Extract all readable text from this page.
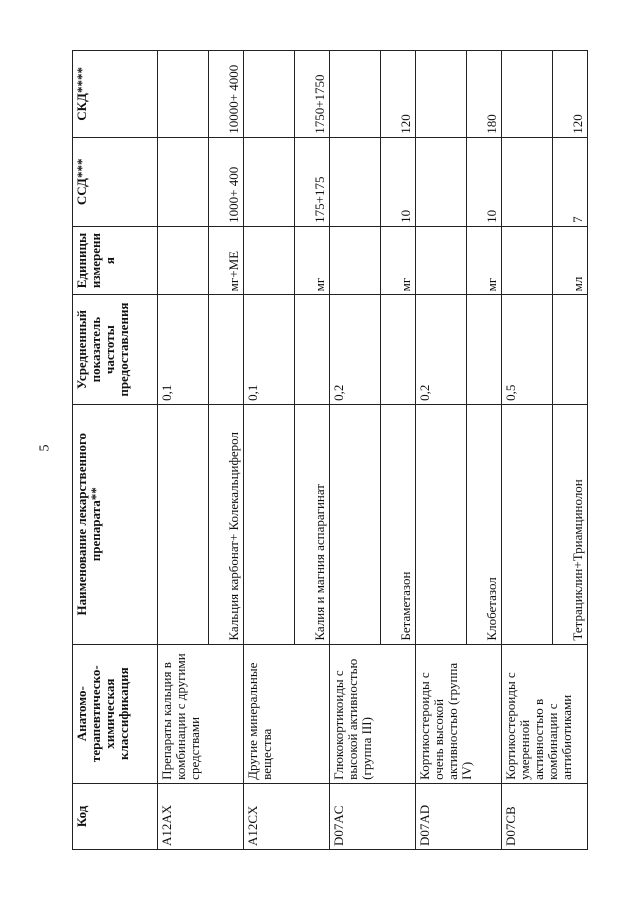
5
Код	Анатомо-терапевтическо-химическая классификация	Наименование лекарственного препарата**	Усредненный показатель частоты предоставления	Единицы измерения	ССД***	СКД****
A12AX	Препараты кальция в комбинации с другими средствами		0,1			
		Кальция карбонат+ Колекальциферол		мг+МЕ	1000+ 400	10000+ 4000
A12CX	Другие минеральные вещества		0,1			
		Калия и магния аспарагинат		мг	175+175	1750+1750
D07AC	Глюкокортикоиды с высокой активностью (группа III)		0,2			
		Бетаметазон		мг	10	120
D07AD	Кортикостероиды с очень высокой активностью (группа IV)		0,2			
		Клобетазол		мг	10	180
D07CB	Кортикостероиды с умеренной активностью в комбинации с антибиотиками		0,5			
		Тетрациклин+Триамцинолон		мл	7	120
